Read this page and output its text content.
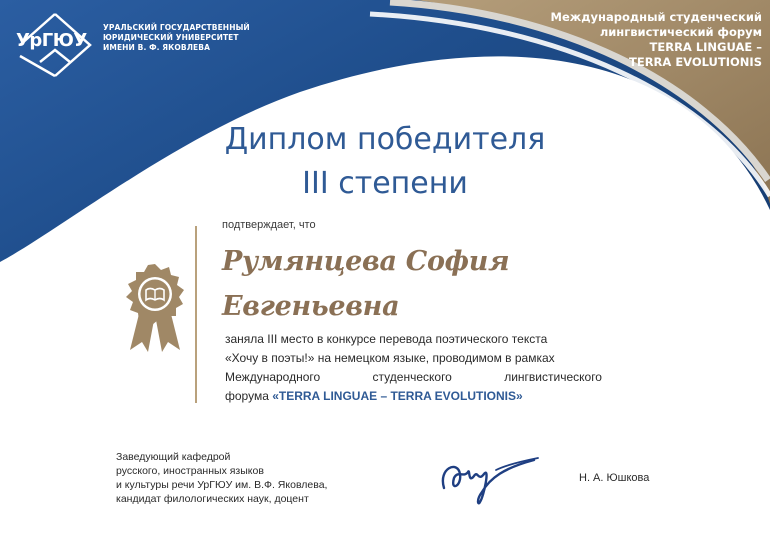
УрГЮУ
УРАЛЬСКИЙ ГОСУДАРСТВЕННЫЙ
ЮРИДИЧЕСКИЙ УНИВЕРСИТЕТ
ИМЕНИ В. Ф. ЯКОВЛЕВА
Международный студенческий
лингвистический форум
TERRA LINGUAE –
TERRA EVOLUTIONIS
Диплом победителя
III степени
подтверждает, что
Румянцева София
Евгеньевна
заняла III место в конкурсе перевода поэтического текста
«Хочу в поэты!» на немецком языке, проводимом в рамках
Международного	студенческого	лингвистического
форума «TERRA LINGUAE – TERRA EVOLUTIONIS»
Заведующий кафедрой
русского, иностранных языков
и культуры речи УрГЮУ им. В.Ф. Яковлева,
кандидат филологических наук, доцент
Н. А. Юшкова
